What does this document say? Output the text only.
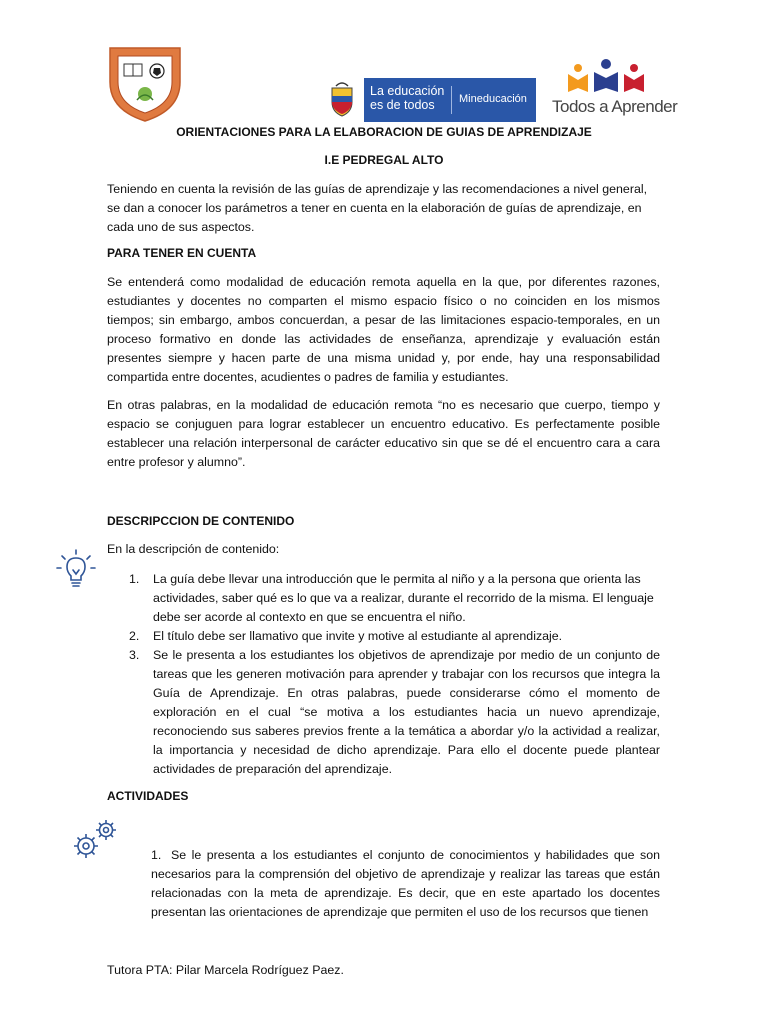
La educación
es de todos Mineducación Todos a Aprender
ORIENTACIONES PARA LA ELABORACION DE GUIAS DE APRENDIZAJE
I.E PEDREGAL ALTO

Teniendo en cuenta la revisión de las guías de aprendizaje y las recomendaciones a nivel general, se dan a conocer los parámetros a tener en cuenta en la elaboración de guías de aprendizaje, en cada uno de sus aspectos.

PARA TENER EN CUENTA

Se entenderá como modalidad de educación remota aquella en la que, por diferentes razones, estudiantes y docentes no comparten el mismo espacio físico o no coinciden en los mismos tiempos; sin embargo, ambos concuerdan, a pesar de las limitaciones espacio-temporales, en un proceso formativo en donde las actividades de enseñanza, aprendizaje y evaluación están presentes siempre y hacen parte de una misma unidad y, por ende, hay una responsabilidad compartida entre docentes, acudientes o padres de familia y estudiantes.

En otras palabras, en la modalidad de educación remota “no es necesario que cuerpo, tiempo y espacio se conjuguen para lograr establecer un encuentro educativo. Es perfectamente posible establecer una relación interpersonal de carácter educativo sin que se dé el encuentro cara a cara entre profesor y alumno”.

DESCRIPCCION DE CONTENIDO

En la descripción de contenido:

1.	La guía debe llevar una introducción que le permita al niño y a la persona que orienta las actividades, saber qué es lo que va a realizar, durante el recorrido de la misma. El lenguaje debe ser acorde al contexto en que se encuentra el niño.
2.	El título debe ser llamativo que invite y motive al estudiante al aprendizaje.
3.	Se le presenta a los estudiantes los objetivos de aprendizaje por medio de un conjunto de tareas que les generen motivación para aprender y trabajar con los recursos que integra la Guía de Aprendizaje. En otras palabras, puede considerarse cómo el momento de exploración en el cual “se motiva a los estudiantes hacia un nuevo aprendizaje, reconociendo sus saberes previos frente a la temática a abordar y/o la actividad a realizar, la importancia y necesidad de dicho aprendizaje. Para ello el docente puede plantear actividades de preparación del aprendizaje.

ACTIVIDADES

1. Se le presenta a los estudiantes el conjunto de conocimientos y habilidades que son necesarios para la comprensión del objetivo de aprendizaje y realizar las tareas que están relacionadas con la meta de aprendizaje. Es decir, que en este apartado los docentes presentan las orientaciones de aprendizaje que permiten el uso de los recursos que tienen
Tutora PTA: Pilar Marcela Rodríguez Paez.
